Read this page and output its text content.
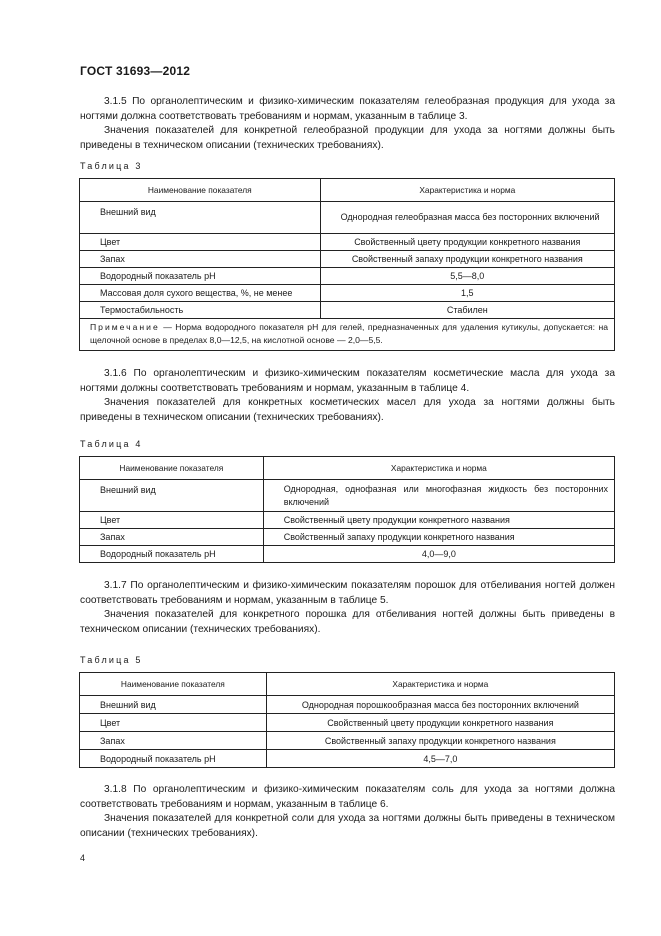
ГОСТ 31693—2012

3.1.5 По органолептическим и физико-химическим показателям гелеобразная продукция для ухода за ногтями должна соответствовать требованиям и нормам, указанным в таблице 3.

Значения показателей для конкретной гелеобразной продукции для ухода за ногтями должны быть приведены в техническом описании (технических требованиях).

Таблица 3
Наименование показателя	Характеристика и норма
Внешний вид	Однородная гелеобразная масса без посторонних включений
Цвет	Свойственный цвету продукции конкретного названия
Запах	Свойственный запаху продукции конкретного названия
Водородный показатель pH	5,5—8,0
Массовая доля сухого вещества, %, не менее	1,5
Термостабильность	Стабилен
Примечание — Норма водородного показателя pH для гелей, предназначенных для удаления кутикулы, допускается: на щелочной основе в пределах 8,0—12,5, на кислотной основе — 2,0—5,5.	

3.1.6 По органолептическим и физико-химическим показателям косметические масла для ухода за ногтями должны соответствовать требованиям и нормам, указанным в таблице 4.

Значения показателей для конкретных косметических масел для ухода за ногтями должны быть приведены в техническом описании (технических требованиях).

Таблица 4
Наименование показателя	Характеристика и норма
Внешний вид	Однородная, однофазная или многофазная жидкость без посторонних включений
Цвет	Свойственный цвету продукции конкретного названия
Запах	Свойственный запаху продукции конкретного названия
Водородный показатель pH	4,0—9,0

3.1.7 По органолептическим и физико-химическим показателям порошок для отбеливания ногтей должен соответствовать требованиям и нормам, указанным в таблице 5.

Значения показателей для конкретного порошка для отбеливания ногтей должны быть приведены в техническом описании (технических требованиях).

Таблица 5
Наименование показателя	Характеристика и норма
Внешний вид	Однородная порошкообразная масса без посторонних включений
Цвет	Свойственный цвету продукции конкретного названия
Запах	Свойственный запаху продукции конкретного названия
Водородный показатель pH	4,5—7,0

3.1.8 По органолептическим и физико-химическим показателям соль для ухода за ногтями должна соответствовать требованиям и нормам, указанным в таблице 6.

Значения показателей для конкретной соли для ухода за ногтями должны быть приведены в техническом описании (технических требованиях).

4
